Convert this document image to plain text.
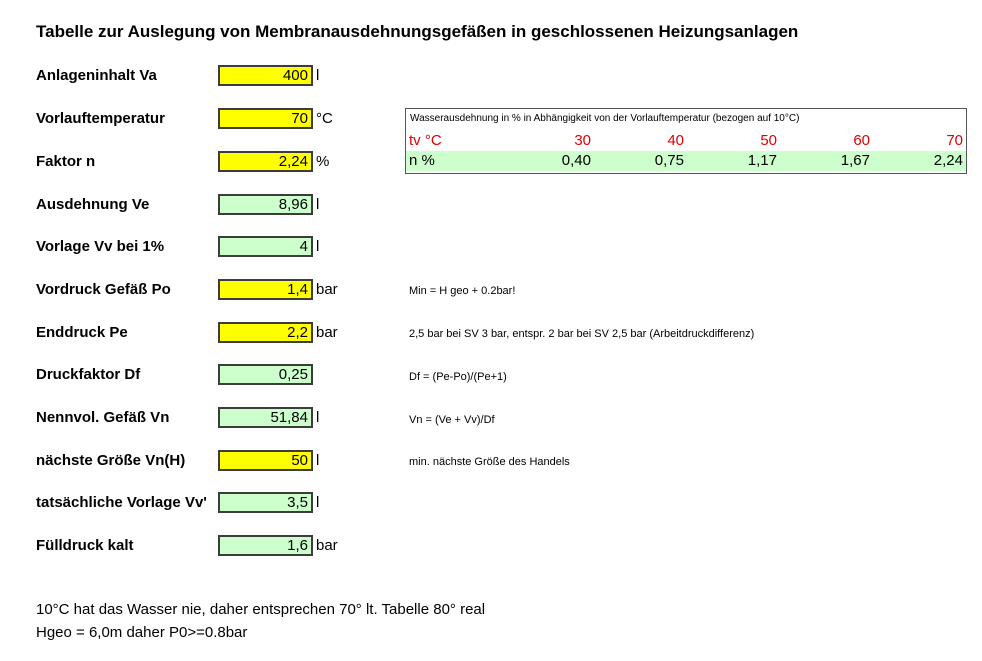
Tabelle zur Auslegung von Membranausdehnungsgefäßen in geschlossenen Heizungsanlagen
Anlageninhalt Va	400 l
Vorlauftemperatur	70 °C
Faktor n	2,24 %
Ausdehnung Ve	8,96 l
Vorlage Vv bei 1%	4 l
Vordruck Gefäß Po	1,4 bar	Min = H geo + 0.2bar!
Enddruck Pe	2,2 bar	2,5 bar bei SV 3 bar, entspr. 2 bar bei SV 2,5 bar (Arbeitdruckdifferenz)
Druckfaktor Df	0,25	Df = (Pe-Po)/(Pe+1)
Nennvol. Gefäß Vn	51,84 l	Vn = (Ve + Vv)/Df
nächste Größe Vn(H)	50 l	min. nächste Größe des Handels
tatsächliche Vorlage Vv'	3,5 l
Fülldruck kalt	1,6 bar
Wasserausdehnung in % in Abhängigkeit von der Vorlauftemperatur (bezogen auf 10°C)
tv °C	30	40	50	60	70
n %	0,40	0,75	1,17	1,67	2,24
10°C hat das Wasser nie, daher entsprechen 70° lt. Tabelle 80° real
Hgeo = 6,0m daher P0>=0.8bar
